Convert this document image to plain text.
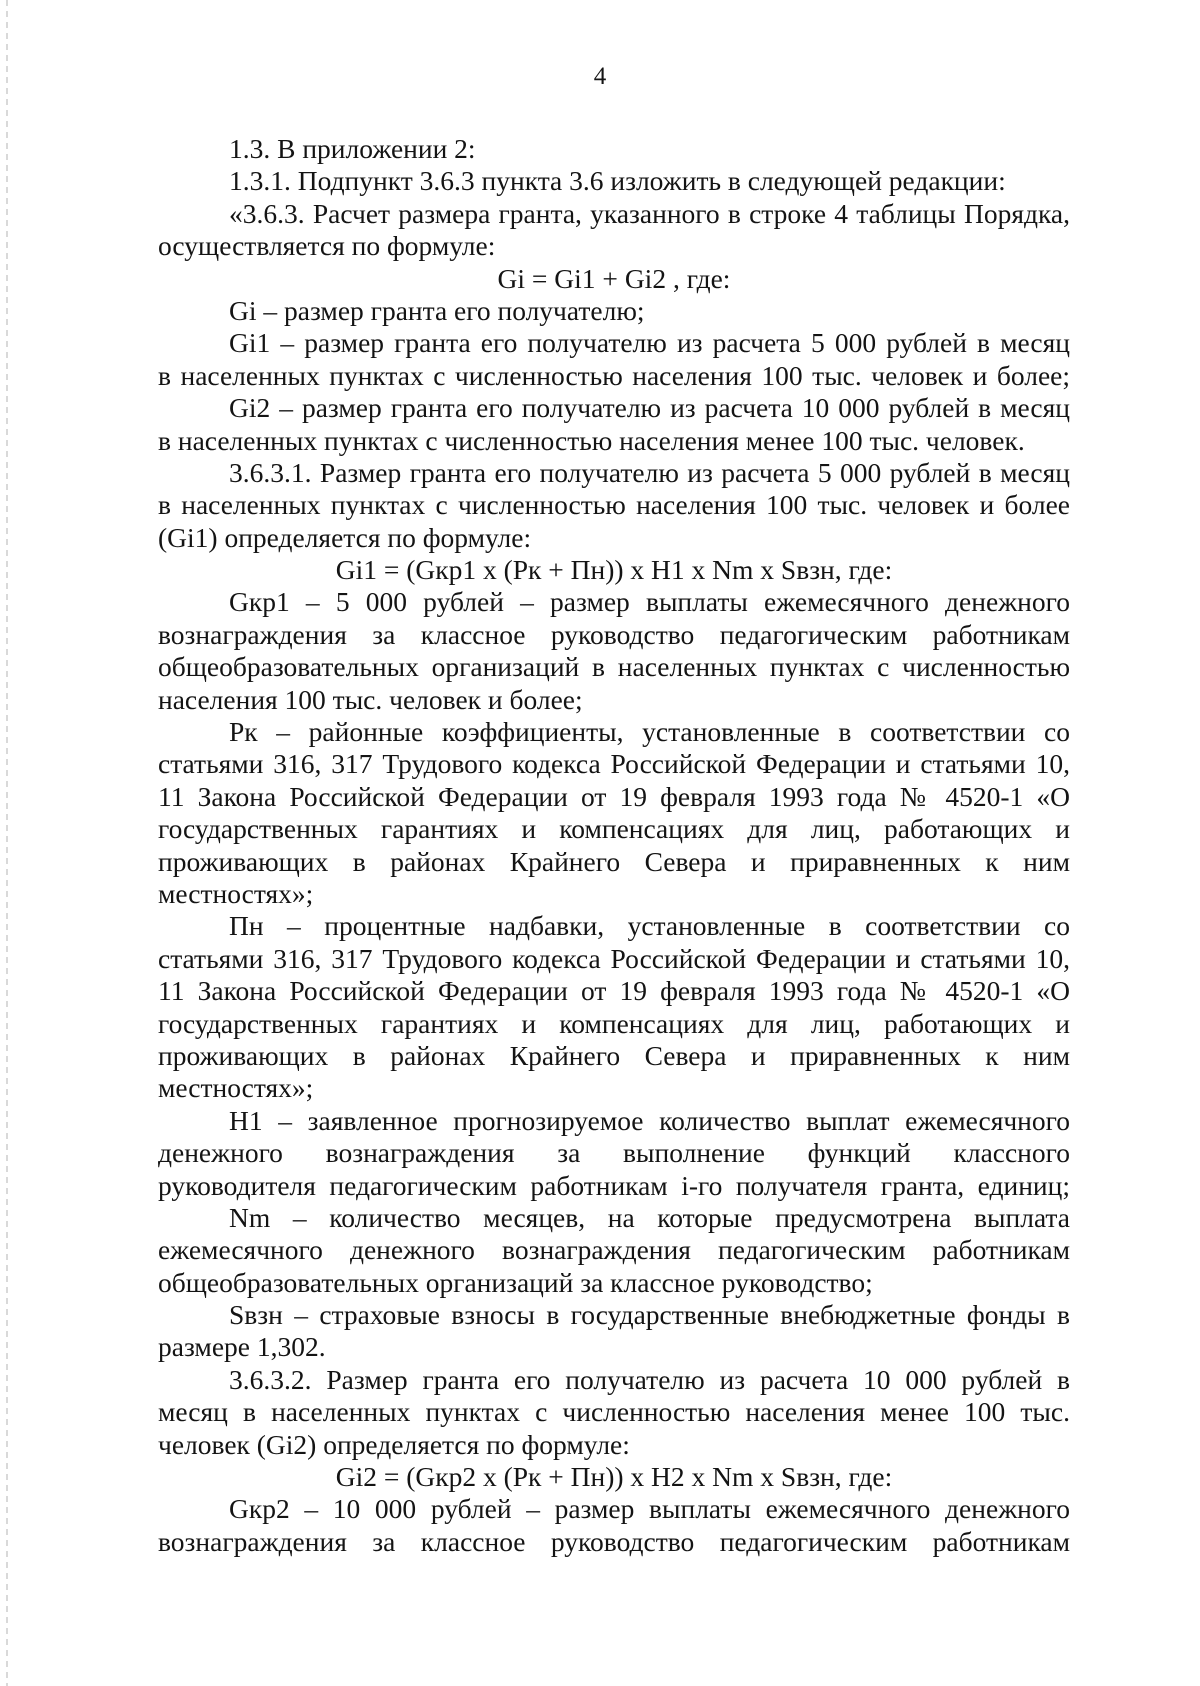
4
1.3. В приложении 2:
1.3.1. Подпункт 3.6.3 пункта 3.6 изложить в следующей редакции:
«3.6.3. Расчет размера гранта, указанного в строке 4 таблицы Порядка,
осуществляется по формуле:
Gi = Gi1 + Gi2 , где:
Gi – размер гранта его получателю;
Gi1 – размер гранта его получателю из расчета 5 000 рублей в месяц
в населенных пунктах с численностью населения 100 тыс. человек и более;
Gi2 – размер гранта его получателю из расчета 10 000 рублей в месяц
в населенных пунктах с численностью населения менее 100 тыс. человек.
3.6.3.1. Размер гранта его получателю из расчета 5 000 рублей в месяц
в населенных пунктах с численностью населения 100 тыс. человек и более
(Gi1) определяется по формуле:
Gi1 = (Gкр1 х (Рк + Пн)) х Н1 х Nm х Sвзн, где:
Gкр1 – 5 000 рублей – размер выплаты ежемесячного денежного
вознаграждения за классное руководство педагогическим работникам
общеобразовательных организаций в населенных пунктах с численностью
населения 100 тыс. человек и более;
Рк – районные коэффициенты, установленные в соответствии со
статьями 316, 317 Трудового кодекса Российской Федерации и статьями 10,
11 Закона Российской Федерации от 19 февраля 1993 года № 4520-1 «О
государственных гарантиях и компенсациях для лиц, работающих и
проживающих в районах Крайнего Севера и приравненных к ним
местностях»;
Пн – процентные надбавки, установленные в соответствии со
статьями 316, 317 Трудового кодекса Российской Федерации и статьями 10,
11 Закона Российской Федерации от 19 февраля 1993 года № 4520-1 «О
государственных гарантиях и компенсациях для лиц, работающих и
проживающих в районах Крайнего Севера и приравненных к ним
местностях»;
Н1 – заявленное прогнозируемое количество выплат ежемесячного
денежного вознаграждения за выполнение функций классного
руководителя педагогическим работникам i-го получателя гранта, единиц;
Nm – количество месяцев, на которые предусмотрена выплата
ежемесячного денежного вознаграждения педагогическим работникам
общеобразовательных организаций за классное руководство;
Sвзн – страховые взносы в государственные внебюджетные фонды в
размере 1,302.
3.6.3.2. Размер гранта его получателю из расчета 10 000 рублей в
месяц в населенных пунктах с численностью населения менее 100 тыс.
человек (Gi2) определяется по формуле:
Gi2 = (Gкр2 х (Рк + Пн)) х Н2 х Nm х Sвзн, где:
Gкр2 – 10 000 рублей – размер выплаты ежемесячного денежного
вознаграждения за классное руководство педагогическим работникам
